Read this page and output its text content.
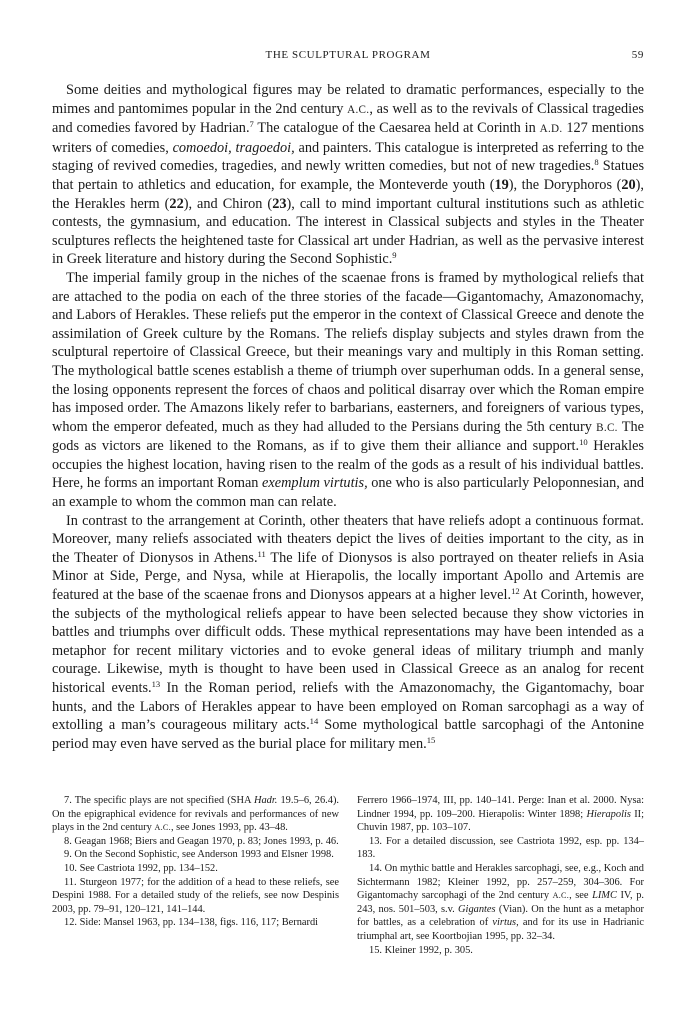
THE SCULPTURAL PROGRAM	59

Some deities and mythological figures may be related to dramatic performances, especially to the mimes and pantomimes popular in the 2nd century A.C., as well as to the revivals of Classical tragedies and comedies favored by Hadrian.$^7$ The catalogue of the Caesarea held at Corinth in A.D. 127 mentions writers of comedies, comoedoi, tragoedoi, and painters. This catalogue is interpreted as referring to the staging of revived comedies, tragedies, and newly written comedies, but not of new tragedies.$^8$ Statues that pertain to athletics and education, for example, the Monteverde youth (19), the Doryphoros (20), the Herakles herm (22), and Chiron (23), call to mind important cultural institutions such as athletic contests, the gymnasium, and education. The interest in Classical subjects and styles in the Theater sculptures reflects the heightened taste for Classical art under Hadrian, as well as the pervasive interest in Greek literature and history during the Second Sophistic.$^9$

The imperial family group in the niches of the scaenae frons is framed by mythological reliefs that are attached to the podia on each of the three stories of the facade—Gigantomachy, Amazonomachy, and Labors of Herakles. These reliefs put the emperor in the context of Classical Greece and denote the assimilation of Greek culture by the Romans. The reliefs display subjects and styles drawn from the sculptural repertoire of Classical Greece, but their meanings vary and multiply in this Roman setting. The mythological battle scenes establish a theme of triumph over superhuman odds. In a general sense, the losing opponents represent the forces of chaos and political disarray over which the Roman empire has imposed order. The Amazons likely refer to barbarians, easterners, and foreigners of various types, whom the emperor defeated, much as they had alluded to the Persians during the 5th century B.C. The gods as victors are likened to the Romans, as if to give them their alliance and support.$^{10}$ Herakles occupies the highest location, having risen to the realm of the gods as a result of his individual battles. Here, he forms an important Roman exemplum virtutis, one who is also particularly Peloponnesian, and an example to whom the common man can relate.

In contrast to the arrangement at Corinth, other theaters that have reliefs adopt a continuous format. Moreover, many reliefs associated with theaters depict the lives of deities important to the city, as in the Theater of Dionysos in Athens.$^{11}$ The life of Dionysos is also portrayed on theater reliefs in Asia Minor at Side, Perge, and Nysa, while at Hierapolis, the locally important Apollo and Artemis are featured at the base of the scaenae frons and Dionysos appears at a higher level.$^{12}$ At Corinth, however, the subjects of the mythological reliefs appear to have been selected because they show victories in battles and triumphs over difficult odds. These mythical representations may have been intended as a metaphor for recent military victories and to evoke general ideas of military triumph and manly courage. Likewise, myth is thought to have been used in Classical Greece as an analog for recent historical events.$^{13}$ In the Roman period, reliefs with the Amazonomachy, the Gigantomachy, boar hunts, and the Labors of Herakles appear to have been employed on Roman sarcophagi as a way of extolling a man’s courageous military acts.$^{14}$ Some mythological battle sarcophagi of the Antonine period may even have served as the burial place for military men.$^{15}$

7. The specific plays are not specified (SHA Hadr. 19.5–6, 26.4). On the epigraphical evidence for revivals and performances of new plays in the 2nd century A.C., see Jones 1993, pp. 43–48.

8. Geagan 1968; Biers and Geagan 1970, p. 83; Jones 1993, p. 46.

9. On the Second Sophistic, see Anderson 1993 and Elsner 1998.

10. See Castriota 1992, pp. 134–152.

11. Sturgeon 1977; for the addition of a head to these reliefs, see Despini 1988. For a detailed study of the reliefs, see now Despinis 2003, pp. 79–91, 120–121, 141–144.

12. Side: Mansel 1963, pp. 134–138, figs. 116, 117; Bernardi

Ferrero 1966–1974, III, pp. 140–141. Perge: Inan et al. 2000. Nysa: Lindner 1994, pp. 109–200. Hierapolis: Winter 1898; Hierapolis II; Chuvin 1987, pp. 103–107.

13. For a detailed discussion, see Castriota 1992, esp. pp. 134–183.

14. On mythic battle and Herakles sarcophagi, see, e.g., Koch and Sichtermann 1982; Kleiner 1992, pp. 257–259, 304–306. For Gigantomachy sarcophagi of the 2nd century A.C., see LIMC IV, p. 243, nos. 501–503, s.v. Gigantes (Vian). On the hunt as a metaphor for battles, as a celebration of virtus, and for its use in Hadrianic triumphal art, see Koortbojian 1995, pp. 32–34.

15. Kleiner 1992, p. 305.
